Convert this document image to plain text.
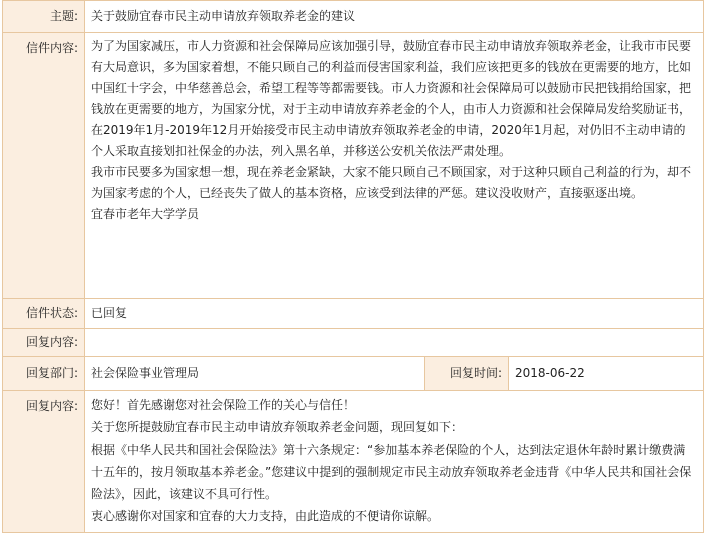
主题:	关于鼓励宜春市民主动申请放弃领取养老金的建议		
信件内容:	为了为国家减压，市人力资源和社会保障局应该加强引导，鼓励宜春市民主动申请放弃领取养老金，让我市市民要有大局意识，多为国家着想，不能只顾自己的利益而侵害国家利益，我们应该把更多的钱放在更需要的地方，比如中国红十字会，中华慈善总会，希望工程等等都需要钱。市人力资源和社会保障局可以鼓励市民把钱捐给国家，把钱放在更需要的地方，为国家分忧，对于主动申请放弃养老金的个人，由市人力资源和社会保障局发给奖励证书，在2019年1月-2019年12月开始接受市民主动申请放弃领取养老金的申请，2020年1月起，对仍旧不主动申请的个人采取直接划扣社保金的办法，列入黑名单，并移送公安机关依法严肃处理。

我市市民要多为国家想一想，现在养老金紧缺，大家不能只顾自己不顾国家，对于这种只顾自己利益的行为，却不为国家考虑的个人，已经丧失了做人的基本资格，应该受到法律的严惩。建议没收财产，直接驱逐出境。

宜春市老年大学学员		

信件状态:	已回复		
回复内容:			
回复部门:	社会保险事业管理局	回复时间:	2018-06-22
回复内容:	您好！首先感谢您对社会保险工作的关心与信任！

关于您所提鼓励宜春市民主动申请放弃领取养老金问题，现回复如下：

根据《中华人民共和国社会保险法》第十六条规定：“参加基本养老保险的个人，达到法定退休年龄时累计缴费满十五年的，按月领取基本养老金。”您建议中提到的强制规定市民主动放弃领取养老金违背《中华人民共和国社会保险法》，因此，该建议不具可行性。

衷心感谢你对国家和宜春的大力支持，由此造成的不便请你谅解。		
